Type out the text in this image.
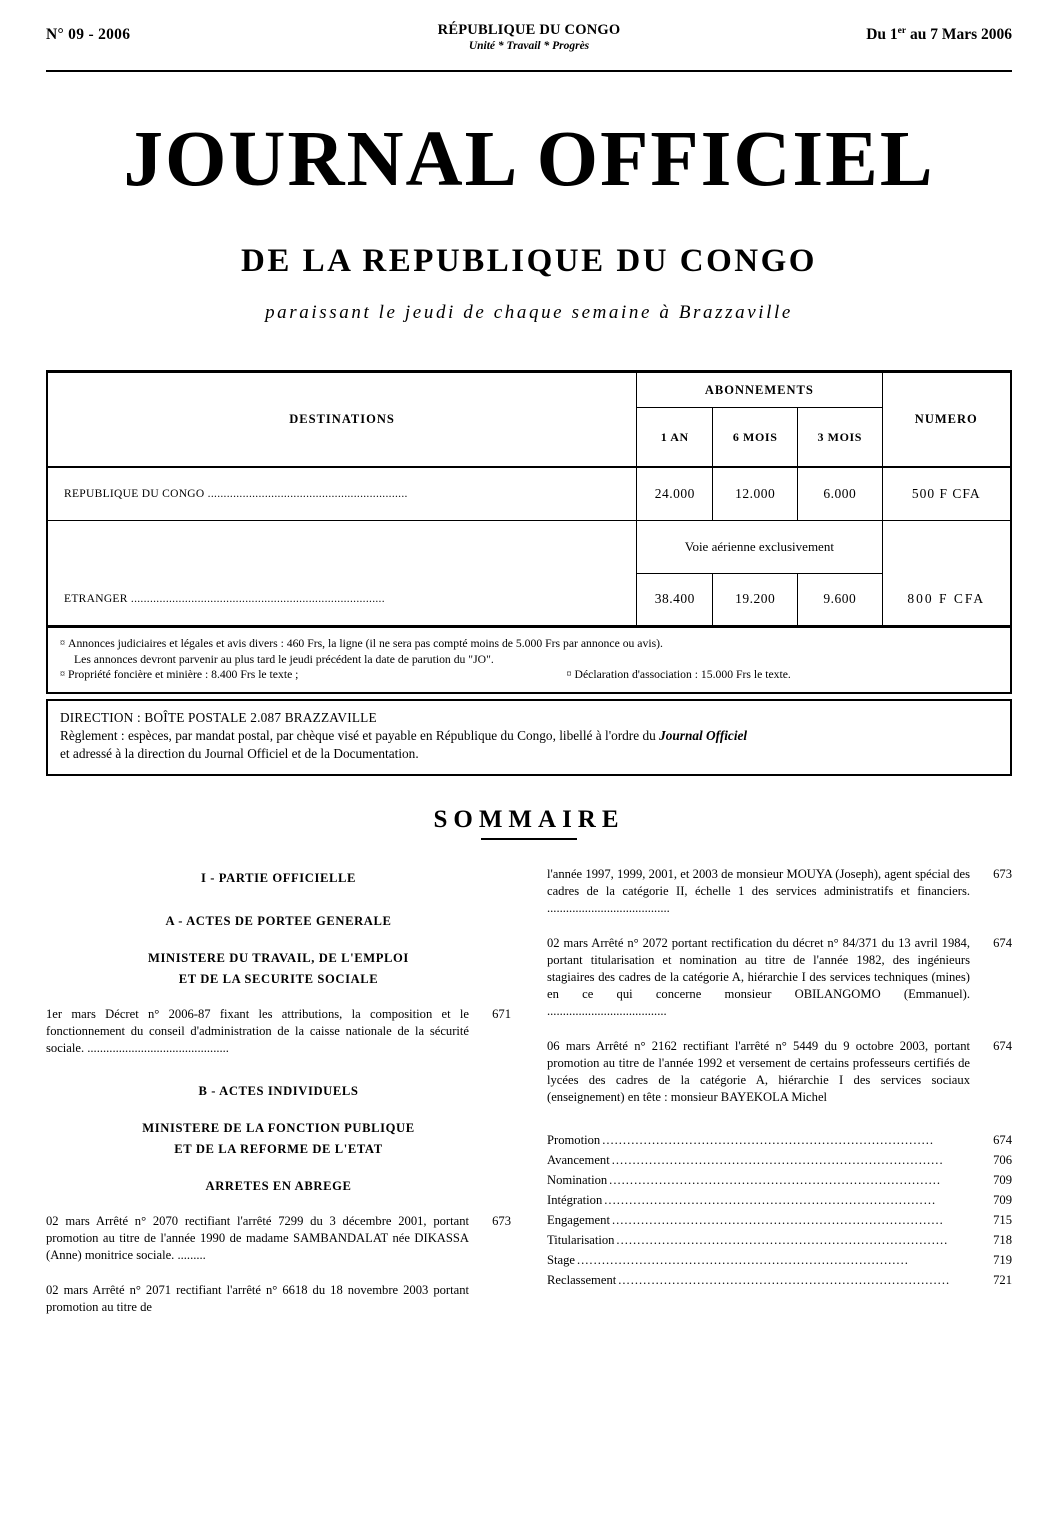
N° 09 - 2006	RÉPUBLIQUE DU CONGO
Unité * Travail * Progrès
Du 1er au 7 Mars 2006
JOURNAL OFFICIEL
DE LA REPUBLIQUE DU CONGO
paraissant le jeudi de chaque semaine à Brazzaville
DESTINATIONS	ABONNEMENTS			NUMERO
	1 AN	6 MOIS	3 MOIS	
REPUBLIQUE DU CONGO ...............................................................	24.000	12.000	6.000	500 F CFA
	Voie aérienne exclusivement			
ETRANGER ................................................................................	38.400	19.200	9.600	800 F CFA
¤ Annonces judiciaires et légales et avis divers : 460 Frs, la ligne (il ne sera pas compté moins de 5.000 Frs par annonce ou avis).
Les annonces devront parvenir au plus tard le jeudi précédent la date de parution du "JO".
¤ Propriété foncière et minière : 8.400 Frs le texte ;	¤ Déclaration d'association : 15.000 Frs le texte.
DIRECTION : BOÎTE POSTALE 2.087 BRAZZAVILLE
Règlement : espèces, par mandat postal, par chèque visé et payable en République du Congo, libellé à l'ordre du Journal Officiel
et adressé à la direction du Journal Officiel et de la Documentation.
SOMMAIRE
I - PARTIE OFFICIELLE
A - ACTES DE PORTEE GENERALE
MINISTERE DU TRAVAIL, DE L'EMPLOI
ET DE LA SECURITE SOCIALE
1er mars Décret n° 2006-87 fixant les attributions, la composition et le fonctionnement du conseil d'administration de la caisse nationale de la sécurité sociale. .............................................
671
B - ACTES INDIVIDUELS
MINISTERE DE LA FONCTION PUBLIQUE
ET DE LA REFORME DE L'ETAT
ARRETES EN ABREGE
02 mars Arrêté n° 2070 rectifiant l'arrêté 7299 du 3 décembre 2001, portant promotion au titre de l'année 1990 de madame SAMBANDALAT née DIKASSA (Anne) monitrice sociale. .........
673
02 mars Arrêté n° 2071 rectifiant l'arrêté n° 6618 du 18 novembre 2003 portant promotion au titre de
l'année 1997, 1999, 2001, et 2003 de monsieur MOUYA (Joseph), agent spécial des cadres de la catégorie II, échelle 1 des services administratifs et financiers. .......................................
673
02 mars Arrêté n° 2072 portant rectification du décret n° 84/371 du 13 avril 1984, portant titularisation et nomination au titre de l'année 1982, des ingénieurs stagiaires des cadres de la catégorie A, hiérarchie I des services techniques (mines) en ce qui concerne monsieur OBILANGOMO (Emmanuel). ......................................
674
06 mars Arrêté n° 2162 rectifiant l'arrêté n° 5449 du 9 octobre 2003, portant promotion au titre de l'année 1992 et versement de certains professeurs certifiés de lycées des cadres de la catégorie A, hiérarchie I des services sociaux (enseignement) en tête : monsieur BAYEKOLA Michel
674
Promotion ................................................................................	674
Avancement ................................................................................	706
Nomination ................................................................................	709
Intégration ................................................................................	709
Engagement ................................................................................	715
Titularisation ................................................................................	718
Stage ................................................................................	719
Reclassement ................................................................................	721
